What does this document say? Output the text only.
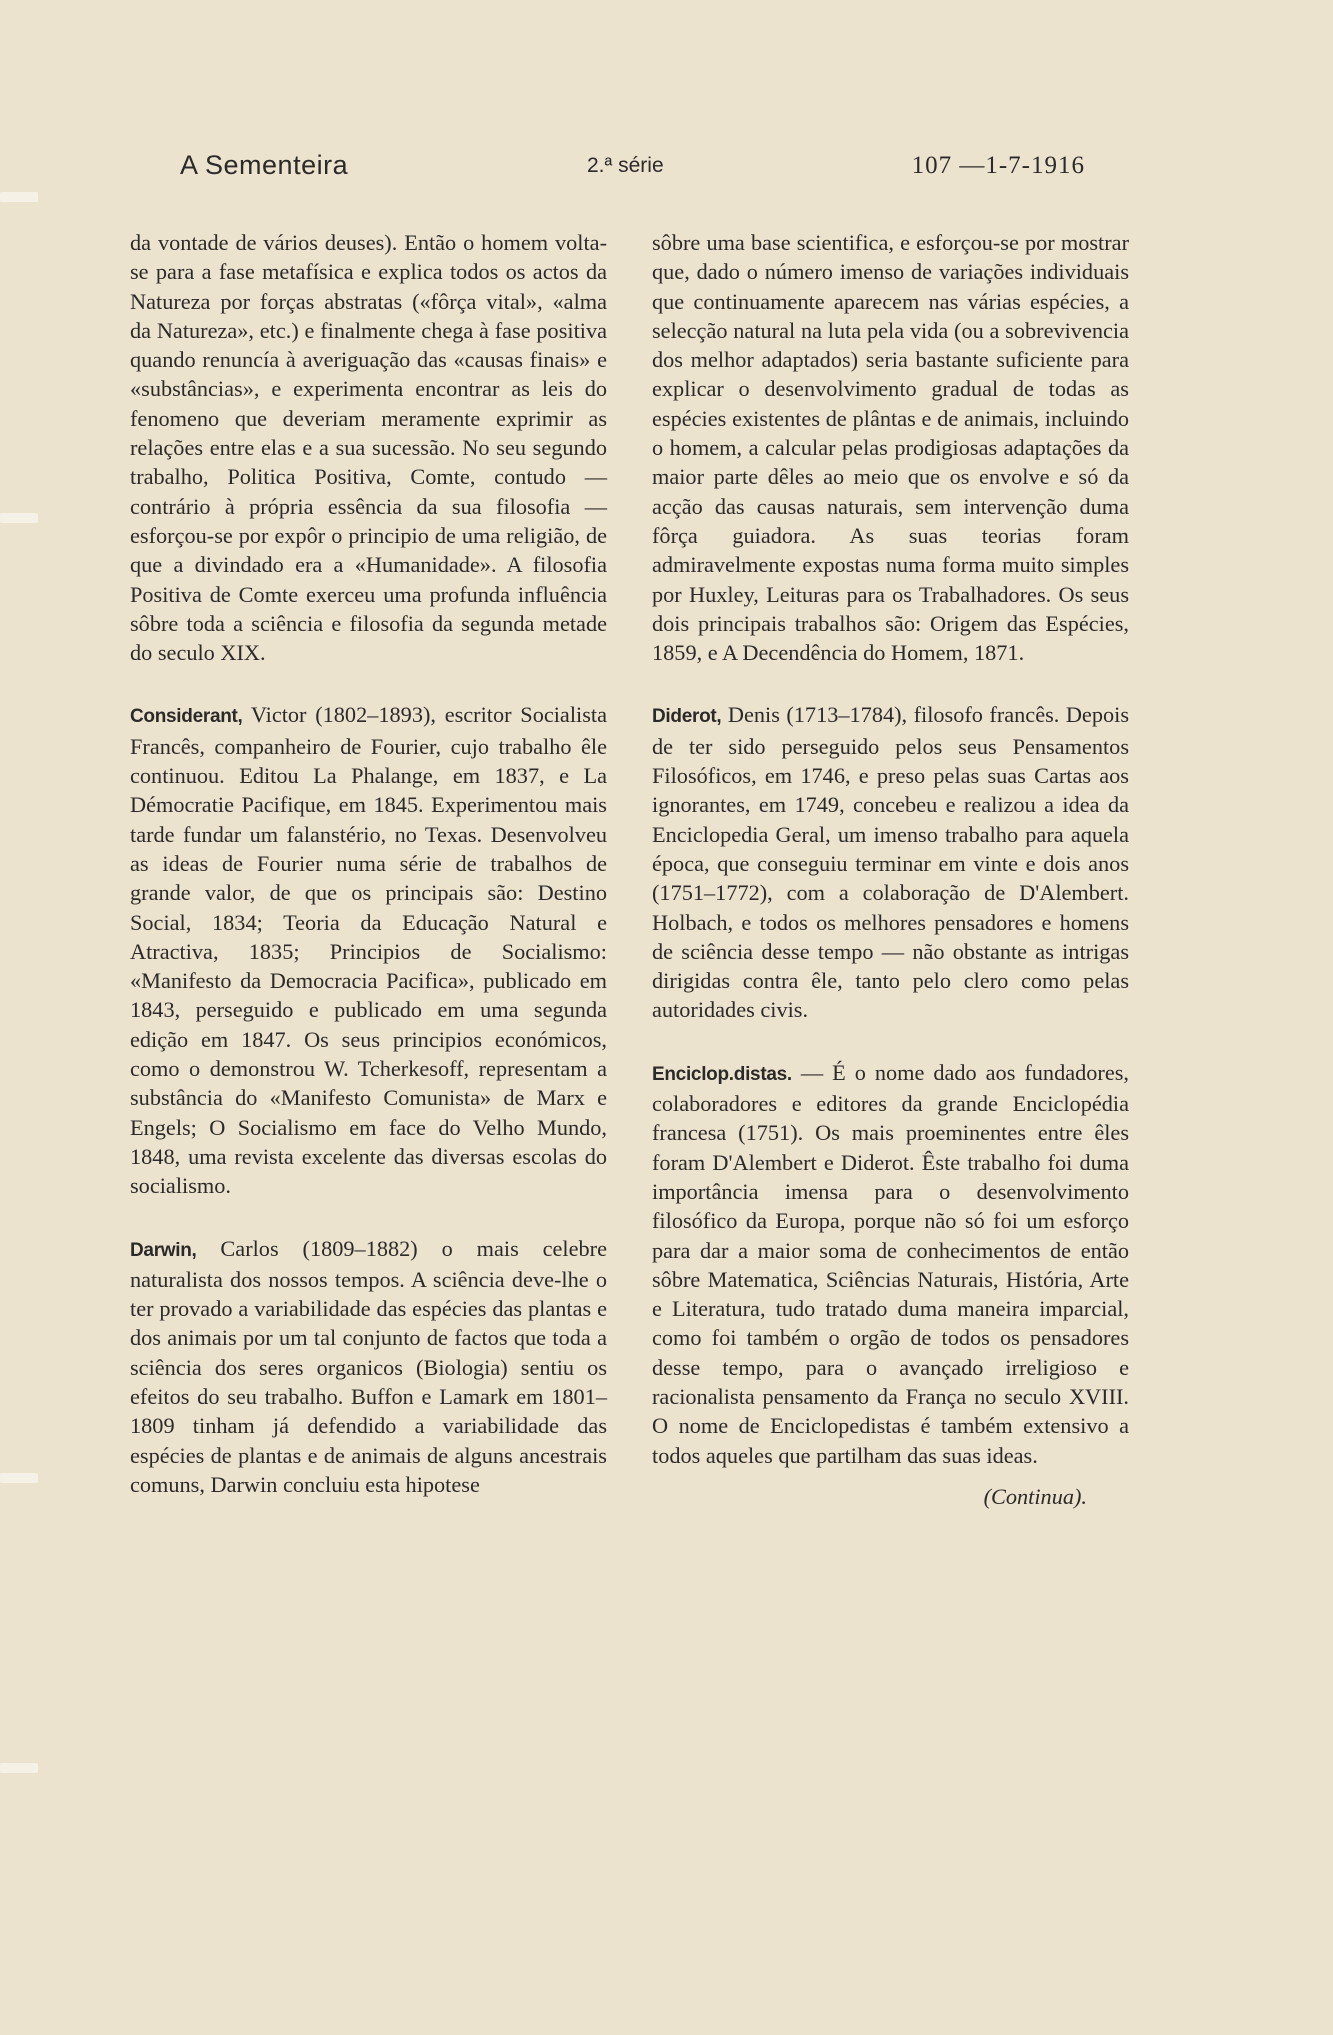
A Sementeira	2.ª série	107 —1-7-1916

da vontade de vários deuses). Então o homem volta-se para a fase metafísica e explica todos os actos da Natureza por forças abstratas («fôrça vital», «alma da Natureza», etc.) e finalmente chega à fase positiva quando renuncía à averiguação das «causas finais» e «substâncias», e experimenta encontrar as leis do fenomeno que deveriam meramente exprimir as relações entre elas e a sua sucessão. No seu segundo trabalho, Politica Positiva, Comte, contudo — contrário à própria essência da sua filosofia — esforçou-se por expôr o principio de uma religião, de que a divindado era a «Humanidade». A filosofia Positiva de Comte exerceu uma profunda influência sôbre toda a sciência e filosofia da segunda metade do seculo XIX.

Considerant, Victor (1802–1893), escritor Socialista Francês, companheiro de Fourier, cujo trabalho êle continuou. Editou La Phalange, em 1837, e La Démocratie Pacifique, em 1845. Experimentou mais tarde fundar um falanstério, no Texas. Desenvolveu as ideas de Fourier numa série de trabalhos de grande valor, de que os principais são: Destino Social, 1834; Teoria da Educação Natural e Atractiva, 1835; Principios de Socialismo: «Manifesto da Democracia Pacifica», publicado em 1843, perseguido e publicado em uma segunda edição em 1847. Os seus principios económicos, como o demonstrou W. Tcherkesoff, representam a substância do «Manifesto Comunista» de Marx e Engels; O Socialismo em face do Velho Mundo, 1848, uma revista excelente das diversas escolas do socialismo.

Darwin, Carlos (1809–1882) o mais celebre naturalista dos nossos tempos. A sciência deve-lhe o ter provado a variabilidade das espécies das plantas e dos animais por um tal conjunto de factos que toda a sciência dos seres organicos (Biologia) sentiu os efeitos do seu trabalho. Buffon e Lamark em 1801–1809 tinham já defendido a variabilidade das espécies de plantas e de animais de alguns ancestrais comuns, Darwin concluiu esta hipotese

sôbre uma base scientifica, e esforçou-se por mostrar que, dado o número imenso de variações individuais que continuamente aparecem nas várias espécies, a selecção natural na luta pela vida (ou a sobrevivencia dos melhor adaptados) seria bastante suficiente para explicar o desenvolvimento gradual de todas as espécies existentes de plântas e de animais, incluindo o homem, a calcular pelas prodigiosas adaptações da maior parte dêles ao meio que os envolve e só da acção das causas naturais, sem intervenção duma fôrça guiadora. As suas teorias foram admiravelmente expostas numa forma muito simples por Huxley, Leituras para os Trabalhadores. Os seus dois principais trabalhos são: Origem das Espécies, 1859, e A Decendência do Homem, 1871.

Diderot, Denis (1713–1784), filosofo francês. Depois de ter sido perseguido pelos seus Pensamentos Filosóficos, em 1746, e preso pelas suas Cartas aos ignorantes, em 1749, concebeu e realizou a idea da Enciclopedia Geral, um imenso trabalho para aquela época, que conseguiu terminar em vinte e dois anos (1751–1772), com a colaboração de D'Alembert. Holbach, e todos os melhores pensadores e homens de sciência desse tempo — não obstante as intrigas dirigidas contra êle, tanto pelo clero como pelas autoridades civis.

Enciclop.distas. — É o nome dado aos fundadores, colaboradores e editores da grande Enciclopédia francesa (1751). Os mais proeminentes entre êles foram D'Alembert e Diderot. Êste trabalho foi duma importância imensa para o desenvolvimento filosófico da Europa, porque não só foi um esforço para dar a maior soma de conhecimentos de então sôbre Matematica, Sciências Naturais, História, Arte e Literatura, tudo tratado duma maneira imparcial, como foi também o orgão de todos os pensadores desse tempo, para o avançado irreligioso e racionalista pensamento da França no seculo XVIII. O nome de Enciclopedistas é também extensivo a todos aqueles que partilham das suas ideas.

(Continua).
